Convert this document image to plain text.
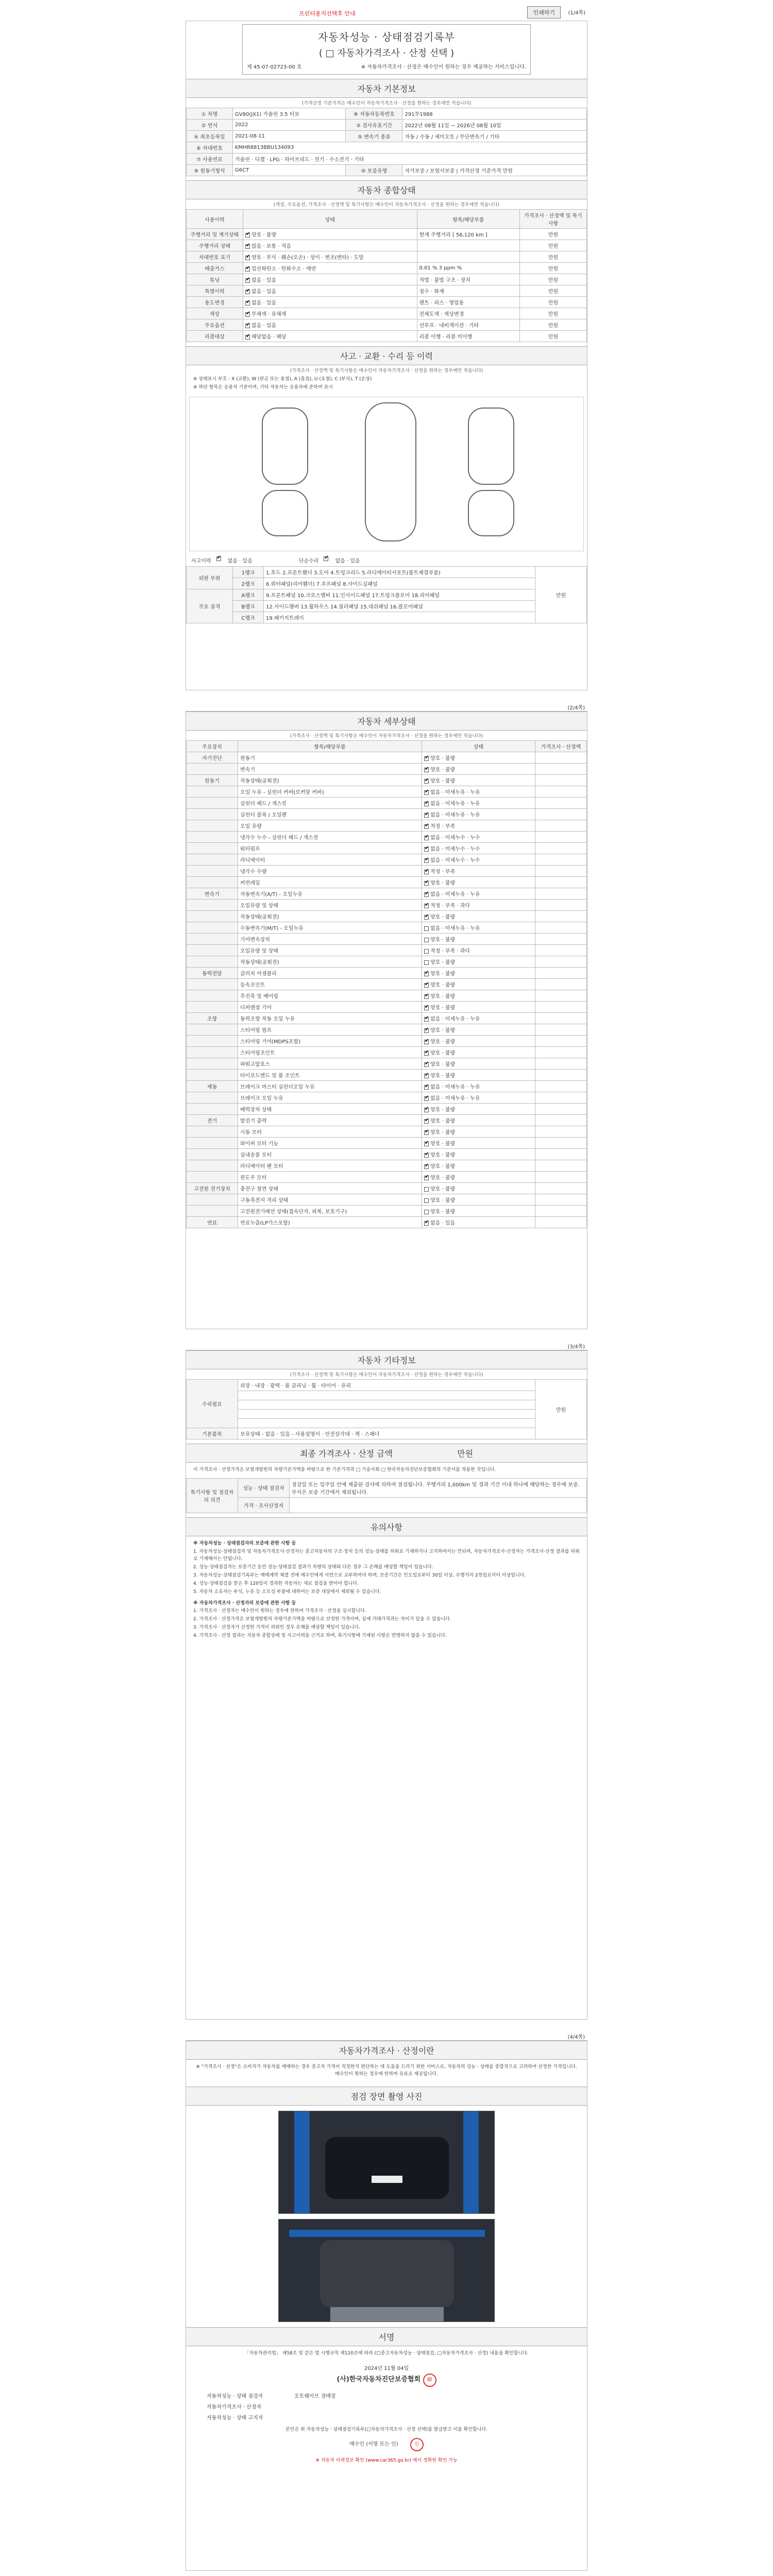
프린터용지선택후 안내	인쇄하기	(1/4쪽)
자동차성능 · 상태점검기록부
( □ 자동차가격조사 · 산정 선택 )
제 45-07-02723-00 호	※ 자동차가격조사 · 산정은 매수인이 원하는 경우 제공하는 서비스입니다.
자동차 기본정보
(가격산정 기준가격은 매수인이 자동차가격조사 · 산정을 원하는 경우에만 적습니다)
① 차명	GV80(JX1) 가솔린 3.5 터보	⑧ 자동차등록번호	291무1988
② 연식	2022	③ 검사유효기간	2022년 08월 11일 ~ 2026년 08월 10일
④ 최초등록일	2021-08-11	⑤ 변속기 종류	자동 / 수동 / 세미오토 / 무단변속기 / 기타
⑥ 차대번호	KMHR8813BBU134093		
⑦ 사용연료	가솔린 · 디젤 · LPG · 하이브리드 · 전기 · 수소전기 · 기타		
⑨ 원동기형식	G6CT	⑩ 보증유형	자가보증 / 보험사보증 | 가격산정 기준가격 만원
자동차 종합상태
(색상, 주요옵션, 가격조사 · 산정액 및 특기사항은 매수인이 자동차가격조사 · 산정을 원하는 경우에만 적습니다)
사용이력	상태	항목/해당부품	가격조사 · 산정액 및 특기사항
주행거리 및 계기상태	✔양호 · 불량	현재 주행거리 [ 56,120 km ]	만원
주행거리 상태	✔많음 · 보통 · 적음		만원
차대번호 표기	✔양호 · 부식 · 훼손(오손) · 상이 · 변조(변타) · 도말		만원
배출가스	✔일산화탄소 · 탄화수소 · 매연	0.01 % 3 ppm %	만원
튜닝	✔없음 · 있음	적법 · 불법 구조 · 장치	만원
특별이력	✔없음 · 있음	침수 · 화재	만원
용도변경	✔없음 · 있음	렌트 · 리스 · 영업용	만원
색상	✔무채색 · 유채색	전체도색 · 색상변경	만원
주요옵션	✔없음 · 있음	선루프 · 내비게이션 · 기타	만원
리콜대상	✔해당없음 · 해당	리콜 이행 · 리콜 미이행	만원
사고 · 교환 · 수리 등 이력
(가격조사 · 산정액 및 특기사항은 매수인이 자동차가격조사 · 산정을 원하는 경우에만 적습니다)

※ 상태표시 부호 : X (교환), W (판금 또는 용접), A (흠집), U (요철), C (부식), T (손상)

※ 하단 항목은 승용차 기준이며, 기타 자동차는 승용차에 준하여 표시

사고이력 ✔	없음 · 있음	단순수리 ✔	없음 · 있음
외판 부위	1랭크	1.후드 2.프론트휀더 3.도어 4.트렁크리드 5.라디에이터서포트(볼트체결부품)	만원
	2랭크	6.쿼터패널(리어휀더) 7.루프패널 8.사이드실패널	
주요 골격	A랭크	9.프론트패널 10.크로스멤버 11.인사이드패널 17.트렁크플로어 18.리어패널	
	B랭크	12.사이드멤버 13.휠하우스 14.필러패널 15.대쉬패널 16.플로어패널	
	C랭크	19.패키지트레이	
(2/4쪽)
자동차 세부상태
(가격조사 · 산정액 및 특기사항은 매수인이 자동차가격조사 · 산정을 원하는 경우에만 적습니다)
주요장치	항목/해당부품	상태	가격조사 · 산정액
자기진단	원동기	✔양호 · 불량	
	변속기	✔양호 · 불량	
원동기	작동상태(공회전)	✔양호 · 불량	
	오일 누유 - 실린더 커버(로커암 커버)	✔없음 · 미세누유 · 누유	
	실린더 헤드 / 개스킷	✔없음 · 미세누유 · 누유	
	실린더 블록 / 오일팬	✔없음 · 미세누유 · 누유	
	오일 유량	✔적정 · 부족	
	냉각수 누수 - 실린더 헤드 / 개스킷	✔없음 · 미세누수 · 누수	
	워터펌프	✔없음 · 미세누수 · 누수	
	라디에이터	✔없음 · 미세누수 · 누수	
	냉각수 수량	✔적정 · 부족	
	커먼레일	✔양호 · 불량	
변속기	자동변속기(A/T) - 오일누유	✔없음 · 미세누유 · 누유	
	오일유량 및 상태	✔적정 · 부족 · 과다	
	작동상태(공회전)	✔양호 · 불량	
	수동변속기(M/T) - 오일누유	없음 · 미세누유 · 누유	
	기어변속장치	양호 · 불량	
	오일유량 및 상태	적정 · 부족 · 과다	
	작동상태(공회전)	양호 · 불량	
동력전달	클러치 어셈블리	✔양호 · 불량	
	등속조인트	✔양호 · 불량	
	추진축 및 베어링	✔양호 · 불량	
	디퍼렌셜 기어	✔양호 · 불량	
조향	동력조향 작동 오일 누유	✔없음 · 미세누유 · 누유	
	스티어링 펌프	✔양호 · 불량	
	스티어링 기어(MDPS포함)	✔양호 · 불량	
	스티어링조인트	✔양호 · 불량	
	파워고압호스	✔양호 · 불량	
	타이로드엔드 및 볼 조인트	✔양호 · 불량	
제동	브레이크 마스터 실린더오일 누유	✔없음 · 미세누유 · 누유	
	브레이크 오일 누유	✔없음 · 미세누유 · 누유	
	배력장치 상태	✔양호 · 불량	
전기	발전기 출력	✔양호 · 불량	
	시동 모터	✔양호 · 불량	
	와이퍼 모터 기능	✔양호 · 불량	
	실내송풍 모터	✔양호 · 불량	
	라디에이터 팬 모터	✔양호 · 불량	
	윈도우 모터	✔양호 · 불량	
고전원 전기장치	충전구 절연 상태	양호 · 불량	
	구동축전지 격리 상태	양호 · 불량	
	고전원전기배선 상태(접속단자, 피복, 보호기구)	양호 · 불량	
연료	연료누출(LP가스포함)	✔없음 · 있음	
(3/4쪽)
자동차 기타정보
(가격조사 · 산정액 및 특기사항은 매수인이 자동차가격조사 · 산정을 원하는 경우에만 적습니다)
수리필요	외장 · 내장 · 광택 · 룸 클리닝 · 휠 · 타이어 · 유리	만원

기본품목	보유상태 - 없음 · 있음 - 사용설명서 · 안전삼각대 · 잭 · 스패너	
최종 가격조사 · 산정 금액	만원
이 가격조사 · 산정가격은 보험개발원의 차량기준가액을 바탕으로 한 기준가격과 □ 기술사회 □ 한국자동차진단보증협회의 기준서를 적용한 것입니다.
특기사항 및 점검자의 의견	성능 · 상태 점검자	점검일 또는 일주일 안에 제출된 검사에 의하여 점검됩니다. 주행거리 1,000km 및 경과 기간 이내 하나에 해당하는 경우에 보증. 부식은 보증 기간에서 제외됩니다.
	가격 · 조사산정자	
유의사항

※ 자동차성능 · 상태점검자의 보증에 관한 사항 등

1. 자동차성능·상태점검자 및 자동차가격조사·산정자는 중고자동차의 구조·장치 등의 성능·상태를 허위로 기재하거나 고지하여서는 안되며, 자동차가격조사·산정자는 가격조사·산정 결과를 허위로 기재해서는 안됩니다.

2. 성능·상태점검자는 보증기간 동안 성능·상태점검 결과가 차량의 상태와 다른 경우 그 손해를 배상할 책임이 있습니다.

3. 자동차성능·상태점검기록부는 매매계약 체결 전에 매수인에게 서면으로 교부하여야 하며, 보증기간은 인도일로부터 30일 이상, 주행거리 2천킬로미터 이상입니다.

4. 성능·상태점검을 받은 후 120일이 경과한 자동차는 새로 점검을 받아야 합니다.

5. 자동차 소유자는 부식, 누유 등 소모성 부품에 대하여는 보증 대상에서 제외될 수 있습니다.

※ 자동차가격조사 · 산정자의 보증에 관한 사항 등

1. 가격조사 · 산정자는 매수인이 원하는 경우에 한하여 가격조사 · 산정을 실시합니다.

2. 가격조사 · 산정가격은 보험개발원의 차량기준가액을 바탕으로 산정한 가격이며, 실제 거래가격과는 차이가 있을 수 있습니다.

3. 가격조사 · 산정자가 산정한 가격이 허위인 경우 손해를 배상할 책임이 있습니다.

4. 가격조사 · 산정 결과는 자동차 종합상태 및 사고이력을 근거로 하며, 특기사항에 기재된 사항은 반영하지 않을 수 있습니다.

(4/4쪽)
자동차가격조사 · 산정이란
※ "가격조사 · 산정"은 소비자가 자동차를 매매하는 경우 중고차 가격이 적정한지 판단하는 데 도움을 드리기 위한 서비스로, 자동차의 성능 · 상태를 종합적으로 고려하여 산정한 가격입니다. 매수인이 원하는 경우에 한하여 유료로 제공됩니다.
점검 장면 촬영 사진
서명
「자동차관리법」 제58조 및 같은 법 시행규칙 제120조에 따라 (□중고자동차성능 · 상태점검, □자동차가격조사 · 산정) 내용을 확인합니다.
2024년 11월 04일
(사)한국자동차진단보증협회 印
자동차성능 · 상태 점검자	오토웨이브 경매장
자동차가격조사 · 산정자
자동차성능 · 상태 고지자
본인은 위 자동차성능 · 상태점검기록부(□자동차가격조사 · 산정 선택)를 발급받고 이를 확인합니다.
매수인 (서명 또는 인)	인
※ 자동차 이력정보 확인 (www.car365.go.kr) 에서 정확한 확인 가능
